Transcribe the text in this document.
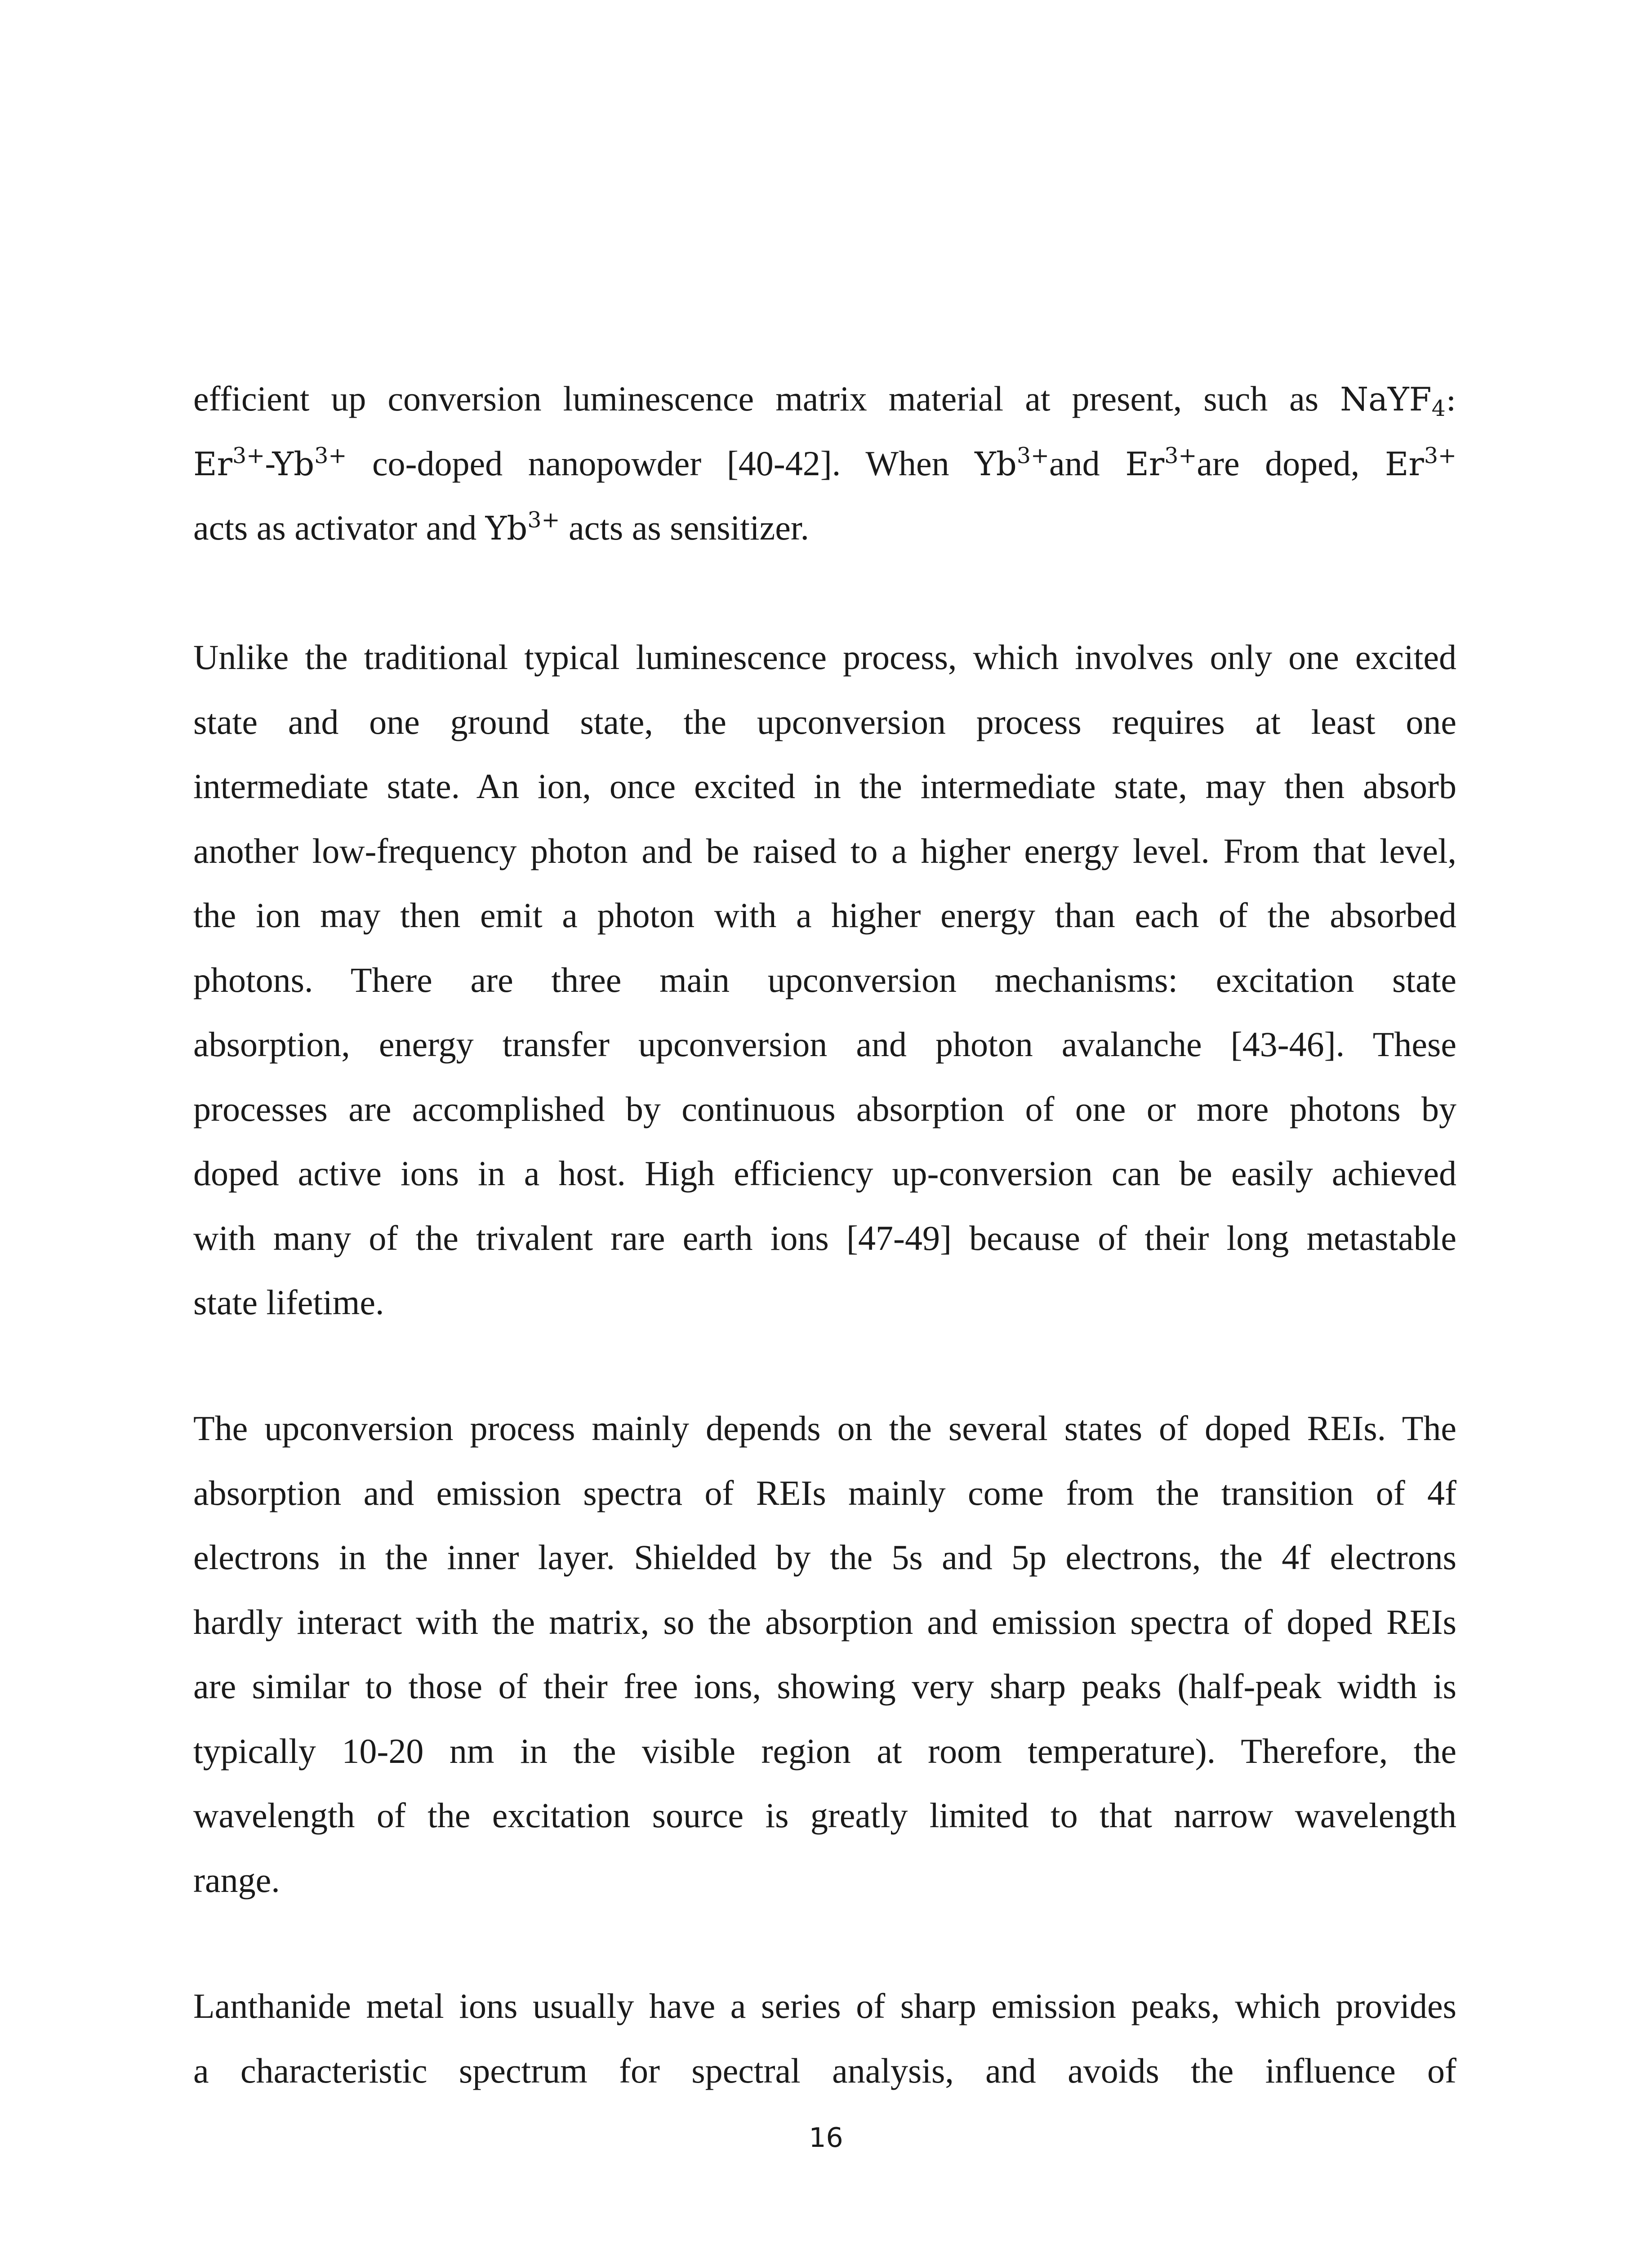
efficient up conversion luminescence matrix material at present, such as NaYF$_4$:
$Er^{3+}-Yb^{3+}$ co-doped nanopowder [40-42]. When $Yb^{3+}and$ $Er^{3+}are$ doped, $Er^{3+}$
acts as activator and $Yb^{3+}$ acts as sensitizer.
Unlike the traditional typical luminescence process, which involves only one excited
state and one ground state, the upconversion process requires at least one
intermediate state. An ion, once excited in the intermediate state, may then absorb
another low-frequency photon and be raised to a higher energy level. From that level,
the ion may then emit a photon with a higher energy than each of the absorbed
photons. There are three main upconversion mechanisms: excitation state
absorption, energy transfer upconversion and photon avalanche [43-46]. These
processes are accomplished by continuous absorption of one or more photons by
doped active ions in a host. High efficiency up-conversion can be easily achieved
with many of the trivalent rare earth ions [47-49] because of their long metastable
state lifetime.
The upconversion process mainly depends on the several states of doped REIs. The
absorption and emission spectra of REIs mainly come from the transition of 4f
electrons in the inner layer. Shielded by the 5s and 5p electrons, the 4f electrons
hardly interact with the matrix, so the absorption and emission spectra of doped REIs
are similar to those of their free ions, showing very sharp peaks (half-peak width is
typically 10-20 nm in the visible region at room temperature). Therefore, the
wavelength of the excitation source is greatly limited to that narrow wavelength
range.
Lanthanide metal ions usually have a series of sharp emission peaks, which provides
a characteristic spectrum for spectral analysis, and avoids the influence of
16
